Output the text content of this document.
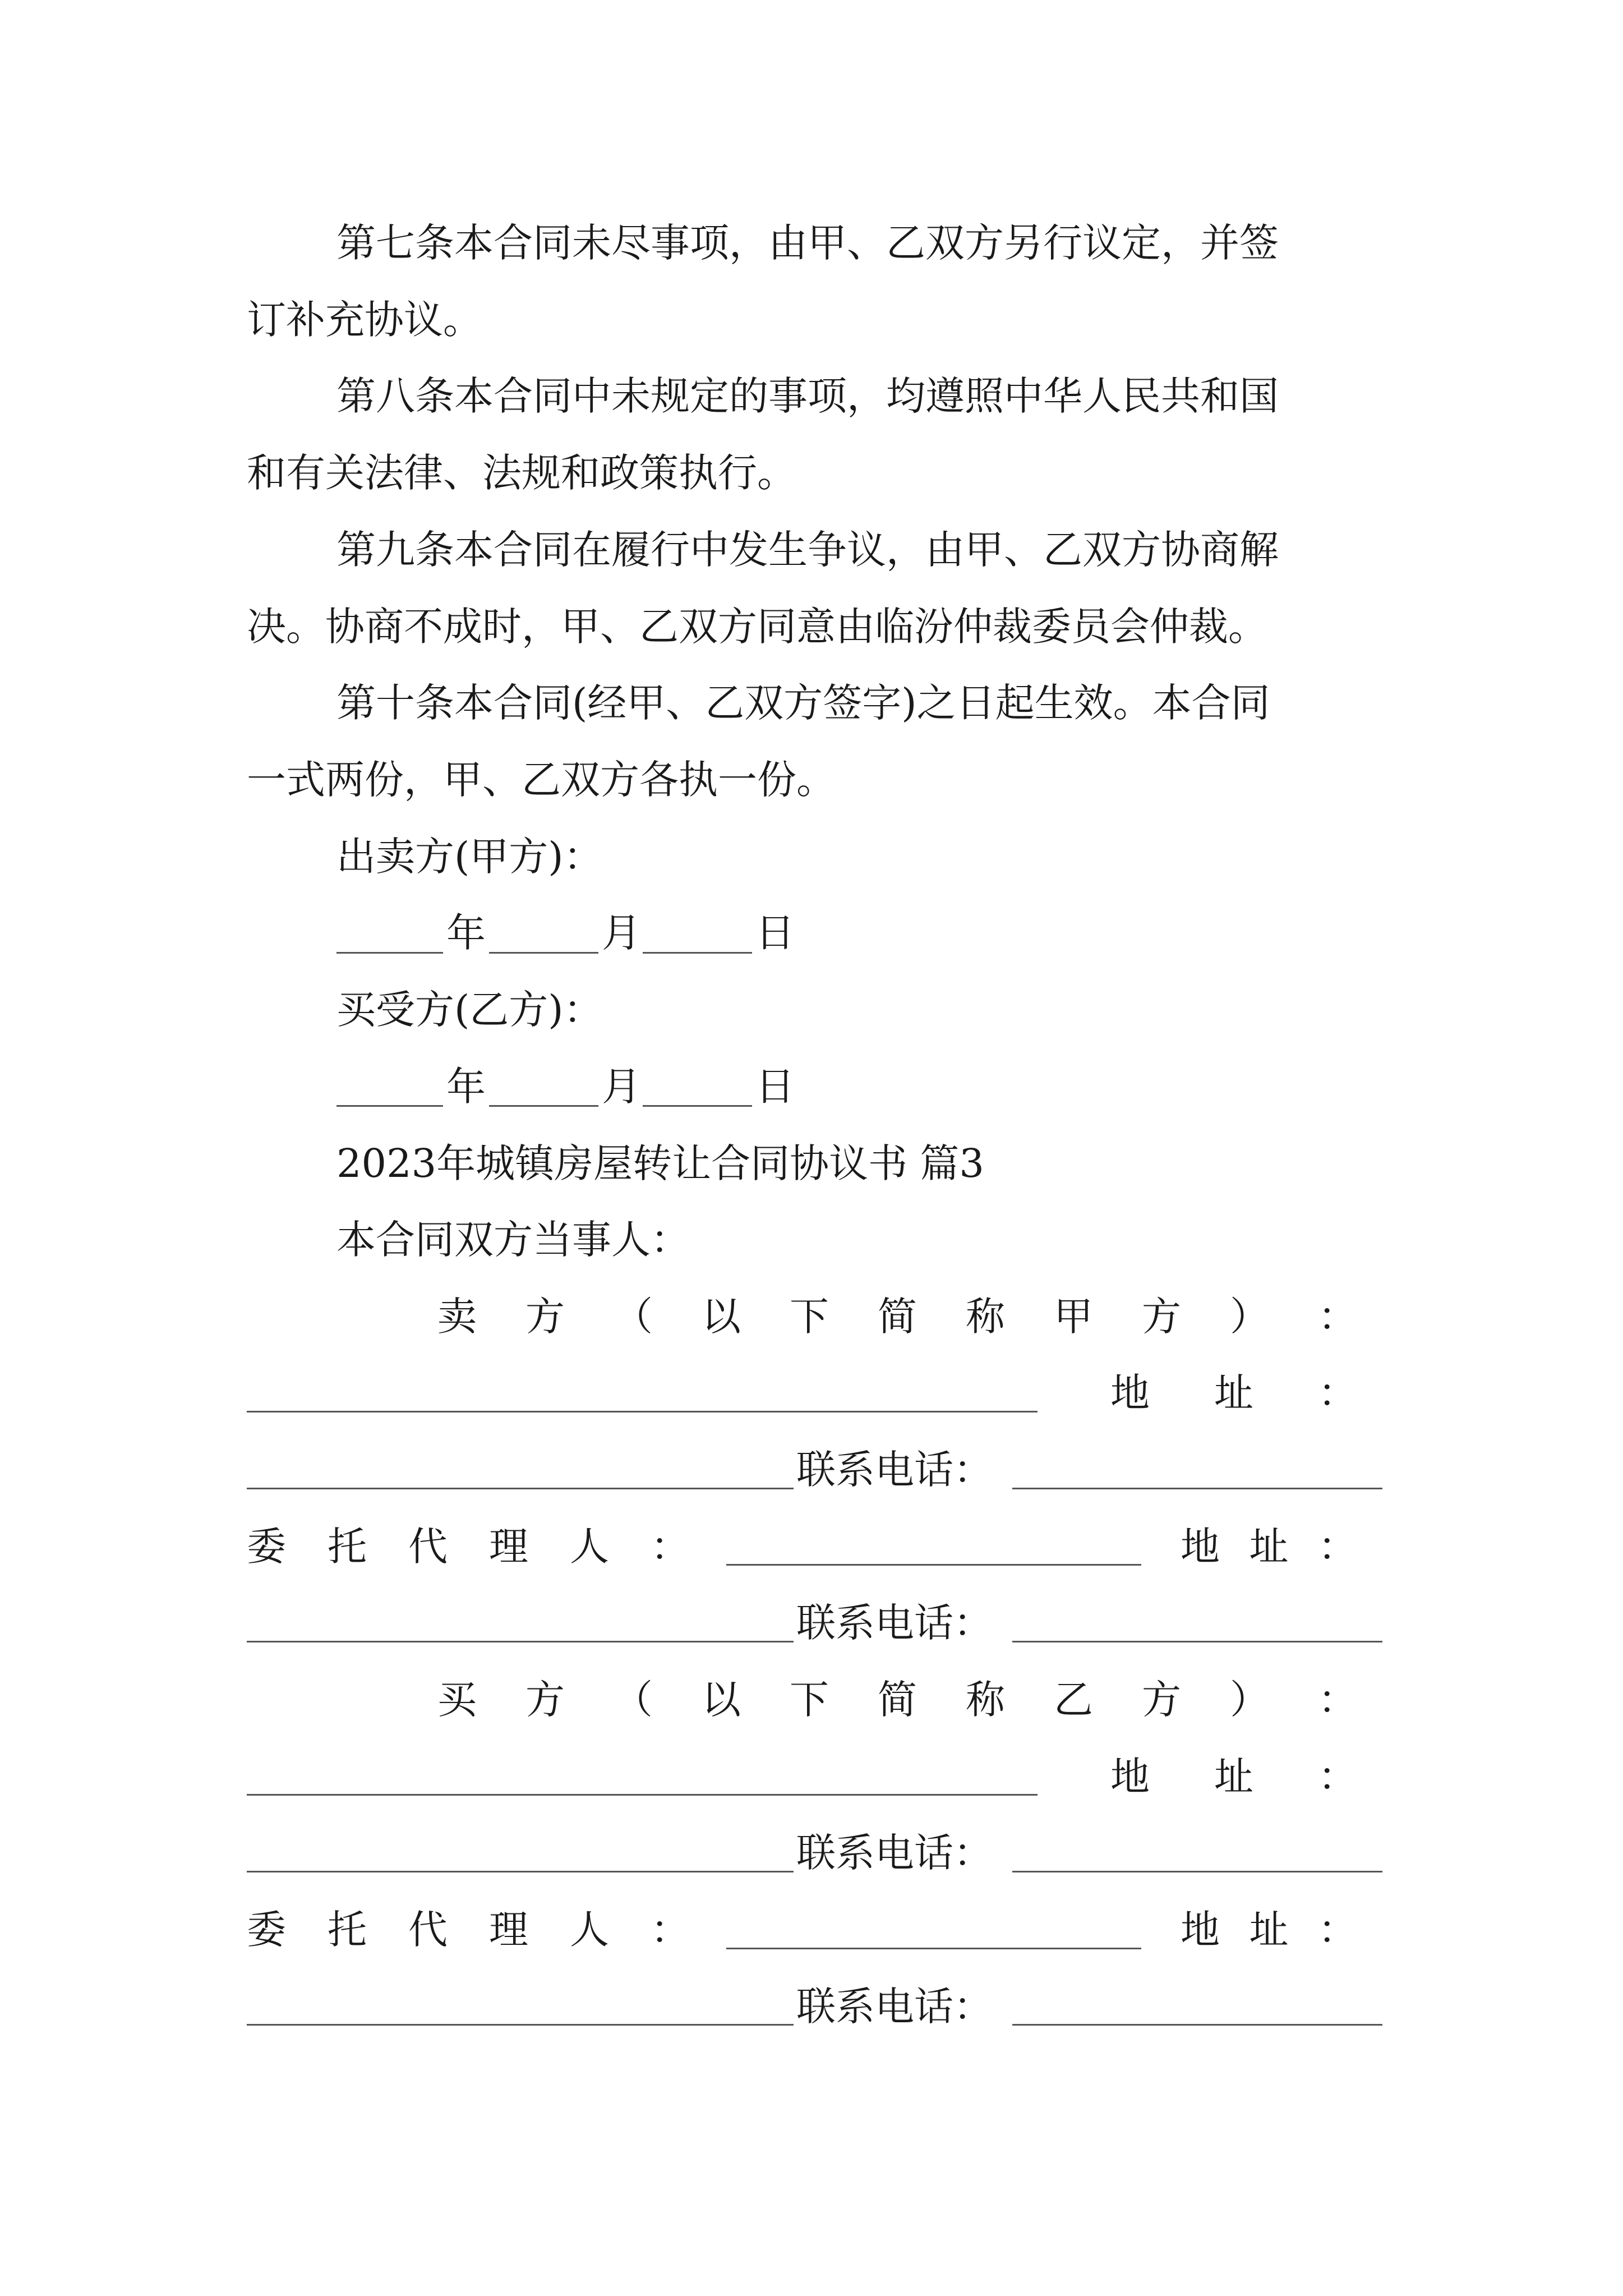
第七条本合同未尽事项，由甲、乙双方另行议定，并签
订补充协议。
第八条本合同中未规定的事项，均遵照中华人民共和国
和有关法律、法规和政策执行。
第九条本合同在履行中发生争议，由甲、乙双方协商解
决。协商不成时，甲、乙双方同意由临汾仲裁委员会仲裁。
第十条本合同(经甲、乙双方签字)之日起生效。本合同
一式两份，甲、乙双方各执一份。
出卖方(甲方)：
年	月	日
买受方(乙方)：
年	月	日
2023年城镇房屋转让合同协议书 篇3
本合同双方当事人：
卖 方 （ 以 下 简 称 甲 方 ） ：
地 址 ：
联系电话：
委 托 代 理 人 ：	地 址 ：
联系电话：
买 方 （ 以 下 简 称 乙 方 ） ：
地 址 ：
联系电话：
委 托 代 理 人 ：	地 址 ：
联系电话：
